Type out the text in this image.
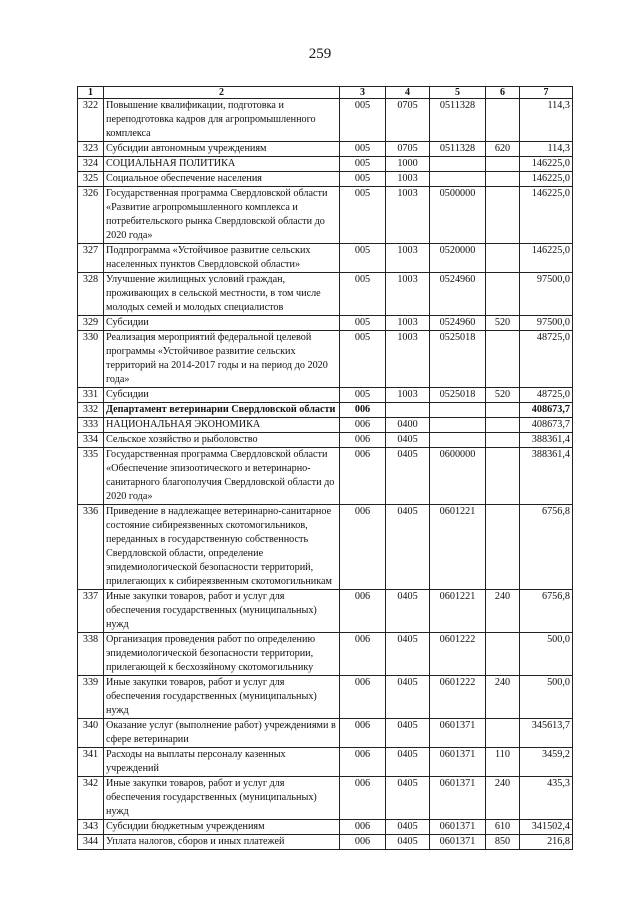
259
1	2	3	4	5	6	7
322	Повышение квалификации, подготовка и переподготовка кадров для агропромышленного комплекса	005	0705	0511328		114,3
323	Субсидии автономным учреждениям	005	0705	0511328	620	114,3
324	СОЦИАЛЬНАЯ ПОЛИТИКА	005	1000			146225,0
325	Социальное обеспечение населения	005	1003			146225,0
326	Государственная программа Свердловской области «Развитие агропромышленного комплекса и потребительского рынка Свердловской области до 2020 года»	005	1003	0500000		146225,0
327	Подпрограмма «Устойчивое развитие сельских населенных пунктов Свердловской области»	005	1003	0520000		146225,0
328	Улучшение жилищных условий граждан, проживающих в сельской местности, в том числе молодых семей и молодых специалистов	005	1003	0524960		97500,0
329	Субсидии	005	1003	0524960	520	97500,0
330	Реализация мероприятий федеральной целевой программы «Устойчивое развитие сельских территорий на 2014-2017 годы и на период до 2020 года»	005	1003	0525018		48725,0
331	Субсидии	005	1003	0525018	520	48725,0
332	Департамент ветеринарии Свердловской области	006				408673,7
333	НАЦИОНАЛЬНАЯ ЭКОНОМИКА	006	0400			408673,7
334	Сельское хозяйство и рыболовство	006	0405			388361,4
335	Государственная программа Свердловской области «Обеспечение эпизоотического и ветеринарно-санитарного благополучия Свердловской области до 2020 года»	006	0405	0600000		388361,4
336	Приведение в надлежащее ветеринарно-санитарное состояние сибиреязвенных скотомогильников, переданных в государственную собственность Свердловской области, определение эпидемиологической безопасности территорий, прилегающих к сибиреязвенным скотомогильникам	006	0405	0601221		6756,8
337	Иные закупки товаров, работ и услуг для обеспечения государственных (муниципальных) нужд	006	0405	0601221	240	6756,8
338	Организация проведения работ по определению эпидемиологической безопасности территории, прилегающей к бесхозяйному скотомогильнику	006	0405	0601222		500,0
339	Иные закупки товаров, работ и услуг для обеспечения государственных (муниципальных) нужд	006	0405	0601222	240	500,0
340	Оказание услуг (выполнение работ) учреждениями в сфере ветеринарии	006	0405	0601371		345613,7
341	Расходы на выплаты персоналу казенных учреждений	006	0405	0601371	110	3459,2
342	Иные закупки товаров, работ и услуг для обеспечения государственных (муниципальных) нужд	006	0405	0601371	240	435,3
343	Субсидии бюджетным учреждениям	006	0405	0601371	610	341502,4
344	Уплата налогов, сборов и иных платежей	006	0405	0601371	850	216,8
